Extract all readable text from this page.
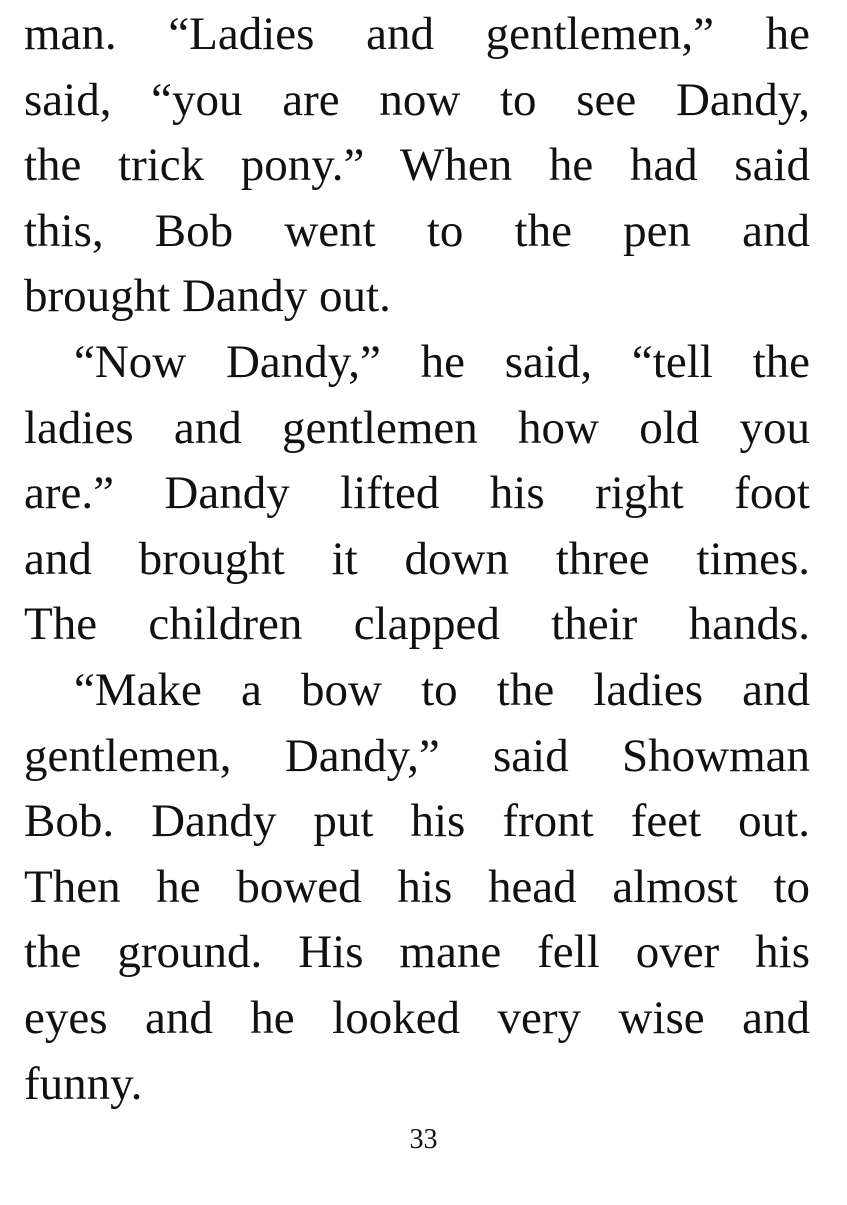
man. “Ladies and gentlemen,” he
said, “you are now to see Dandy,
the trick pony.” When he had said
this, Bob went to the pen and
brought Dandy out.
“Now Dandy,” he said, “tell the
ladies and gentlemen how old you
are.” Dandy lifted his right foot
and brought it down three times.
The children clapped their hands.
“Make a bow to the ladies and
gentlemen, Dandy,” said Showman
Bob. Dandy put his front feet out.
Then he bowed his head almost to
the ground. His mane fell over his
eyes and he looked very wise and
funny.
33
